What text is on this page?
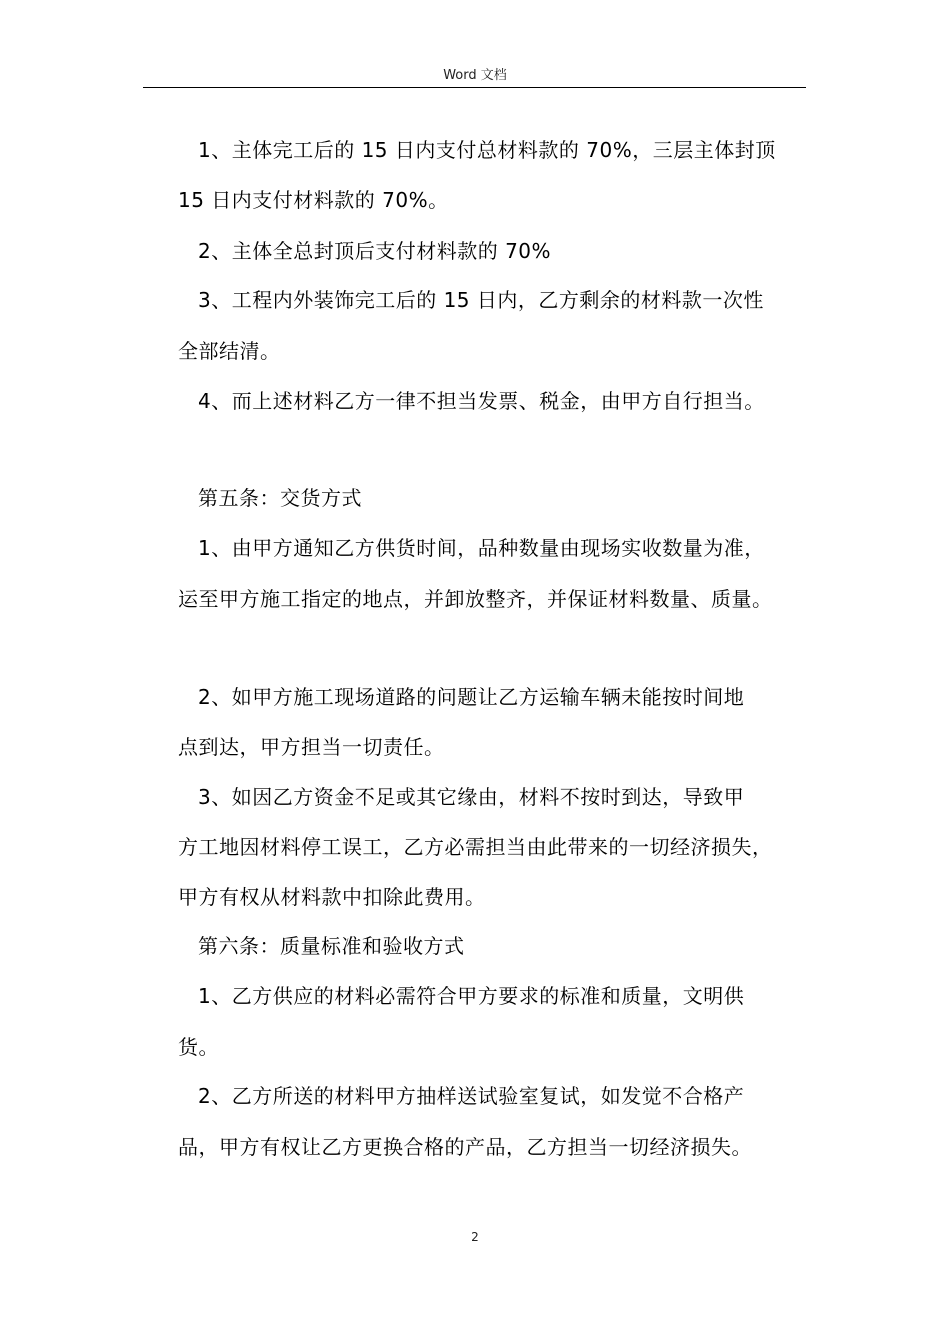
Word 文档
1、主体完工后的 15 日内支付总材料款的 70%，三层主体封顶
15 日内支付材料款的 70%。
2、主体全总封顶后支付材料款的 70%
3、工程内外装饰完工后的 15 日内，乙方剩余的材料款一次性
全部结清。
4、而上述材料乙方一律不担当发票、税金，由甲方自行担当。
第五条：交货方式
1、由甲方通知乙方供货时间，品种数量由现场实收数量为准，
运至甲方施工指定的地点，并卸放整齐，并保证材料数量、质量。
2、如甲方施工现场道路的问题让乙方运输车辆未能按时间地
点到达，甲方担当一切责任。
3、如因乙方资金不足或其它缘由，材料不按时到达，导致甲
方工地因材料停工误工，乙方必需担当由此带来的一切经济损失，
甲方有权从材料款中扣除此费用。
第六条：质量标准和验收方式
1、乙方供应的材料必需符合甲方要求的标准和质量，文明供
货。
2、乙方所送的材料甲方抽样送试验室复试，如发觉不合格产
品，甲方有权让乙方更换合格的产品，乙方担当一切经济损失。
2
